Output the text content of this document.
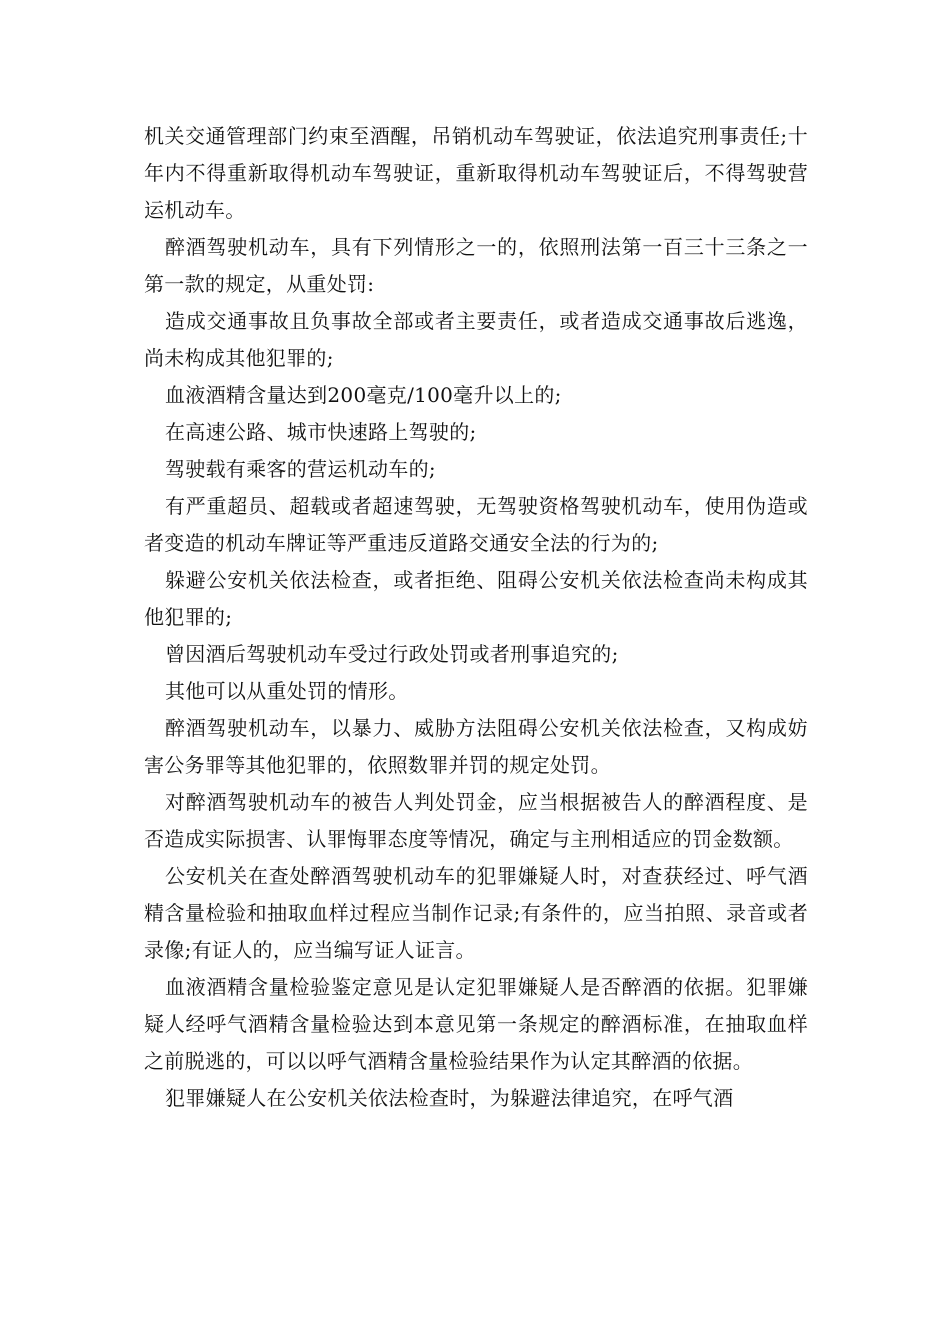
机关交通管理部门约束至酒醒，吊销机动车驾驶证，依法追究刑事责任;十年内不得重新取得机动车驾驶证，重新取得机动车驾驶证后，不得驾驶营运机动车。

醉酒驾驶机动车，具有下列情形之一的，依照刑法第一百三十三条之一第一款的规定，从重处罚:

造成交通事故且负事故全部或者主要责任，或者造成交通事故后逃逸，尚未构成其他犯罪的;

血液酒精含量达到200毫克/100毫升以上的;

在高速公路、城市快速路上驾驶的;

驾驶载有乘客的营运机动车的;

有严重超员、超载或者超速驾驶，无驾驶资格驾驶机动车，使用伪造或者变造的机动车牌证等严重违反道路交通安全法的行为的;

躲避公安机关依法检查，或者拒绝、阻碍公安机关依法检查尚未构成其他犯罪的;

曾因酒后驾驶机动车受过行政处罚或者刑事追究的;

其他可以从重处罚的情形。

醉酒驾驶机动车，以暴力、威胁方法阻碍公安机关依法检查，又构成妨害公务罪等其他犯罪的，依照数罪并罚的规定处罚。

对醉酒驾驶机动车的被告人判处罚金，应当根据被告人的醉酒程度、是否造成实际损害、认罪悔罪态度等情况，确定与主刑相适应的罚金数额。

公安机关在查处醉酒驾驶机动车的犯罪嫌疑人时，对查获经过、呼气酒精含量检验和抽取血样过程应当制作记录;有条件的，应当拍照、录音或者录像;有证人的，应当编写证人证言。

血液酒精含量检验鉴定意见是认定犯罪嫌疑人是否醉酒的依据。犯罪嫌疑人经呼气酒精含量检验达到本意见第一条规定的醉酒标准，在抽取血样之前脱逃的，可以以呼气酒精含量检验结果作为认定其醉酒的依据。

犯罪嫌疑人在公安机关依法检查时，为躲避法律追究，在呼气酒
